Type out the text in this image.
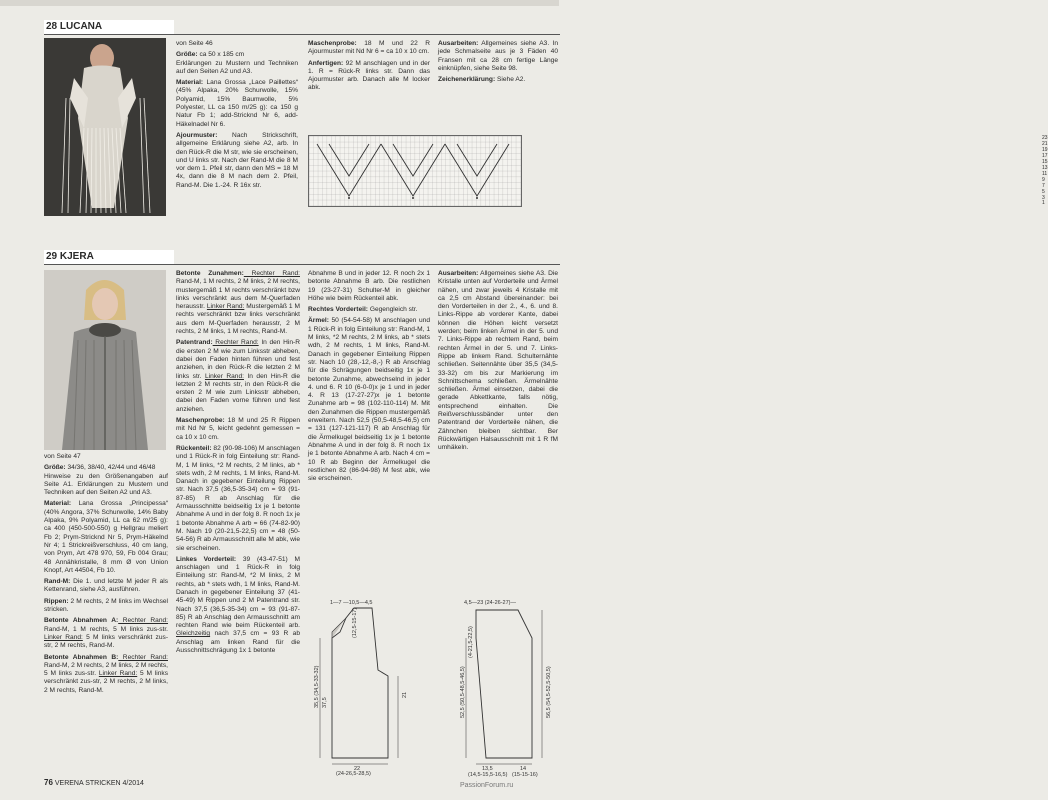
28 LUCANA

von Seite 46

Größe: ca 50 x 185 cm
Erklärungen zu Mustern und Techniken auf den Seiten A2 und A3.

Material: Lana Grossa „Lace Paillettes“ (45% Alpaka, 20% Schurwolle, 15% Polyamid, 15% Baumwolle, 5% Polyester, LL ca 150 m/25 g): ca 150 g Natur Fb 1; add-Stricknd Nr 6, add-Häkelnadel Nr 6.

Ajourmuster: Nach Strickschrift, allgemeine Erklärung siehe A2, arb. In den Rück-R die M str, wie sie erscheinen, und U links str. Nach der Rand-M die 8 M vor dem 1. Pfeil str, dann den MS = 18 M 4x, dann die 8 M nach dem 2. Pfeil, Rand-M. Die 1.-24. R 16x str.

Maschenprobe: 18 M und 22 R Ajourmuster mit Nd Nr 6 = ca 10 x 10 cm.

Anfertigen: 92 M anschlagen und in der 1. R = Rück-R links str. Dann das Ajourmuster arb. Danach alle M locker abk.

Ausarbeiten: Allgemeines siehe A3. In jede Schmalseite aus je 3 Fäden 40 Fransen mit ca 28 cm fertige Länge einknüpfen, siehe Seite 98.

Zeichenerklärung: Siehe A2.

23
21
19
17
15
13
11
9
7
5
3
1
29 KJERA

von Seite 47

Größe: 34/36, 38/40, 42/44 und 46/48
Hinweise zu den Größenangaben auf Seite A1. Erklärungen zu Mustern und Techniken auf den Seiten A2 und A3.

Material: Lana Grossa „Principessa“ (40% Angora, 37% Schurwolle, 14% Baby Alpaka, 9% Polyamid, LL ca 62 m/25 g): ca 400 (450-500-550) g Hellgrau meliert Fb 2; Prym-Stricknd Nr 5, Prym-Häkelnd Nr 4; 1 Strickreißverschluss, 40 cm lang, von Prym, Art 478 970, 59, Fb 004 Grau; 48 Annähkristalle, 8 mm Ø von Union Knopf, Art 44504, Fb 10.

Rand-M: Die 1. und letzte M jeder R als Kettenrand, siehe A3, ausführen.

Rippen: 2 M rechts, 2 M links im Wechsel stricken.

Betonte Abnahmen A: Rechter Rand: Rand-M, 1 M rechts, 5 M links zus-str. Linker Rand: 5 M links verschränkt zus-str, 2 M rechts, Rand-M.

Betonte Abnahmen B: Rechter Rand: Rand-M, 2 M rechts, 2 M links, 2 M rechts, 5 M links zus-str. Linker Rand: 5 M links verschränkt zus-str, 2 M rechts, 2 M links, 2 M rechts, Rand-M.

Betonte Zunahmen: Rechter Rand: Rand-M, 1 M rechts, 2 M links, 2 M rechts, mustergemäß 1 M rechts verschränkt bzw links verschränkt aus dem M-Querfaden herausstr. Linker Rand: Mustergemäß 1 M rechts verschränkt bzw links verschränkt aus dem M-Querfaden herausstr, 2 M rechts, 2 M links, 1 M rechts, Rand-M.

Patentrand: Rechter Rand: In den Hin-R die ersten 2 M wie zum Linksstr abheben, dabei den Faden hinten führen und fest anziehen, in den Rück-R die letzten 2 M links str. Linker Rand: In den Hin-R die letzten 2 M rechts str, in den Rück-R die ersten 2 M wie zum Linksstr abheben, dabei den Faden vorne führen und fest anziehen.

Maschenprobe: 18 M und 25 R Rippen mit Nd Nr 5, leicht gedehnt gemessen = ca 10 x 10 cm.

Rückenteil: 82 (90-98-106) M anschlagen und 1 Rück-R in folg Einteilung str: Rand-M, 1 M links, *2 M rechts, 2 M links, ab * stets wdh, 2 M rechts, 1 M links, Rand-M. Danach in gegebener Einteilung Rippen str. Nach 37,5 (36,5-35-34) cm = 93 (91-87-85) R ab Anschlag für die Armausschnitte beidseitig 1x je 1 betonte Abnahme A und in der folg 8. R noch 1x je 1 betonte Abnahme A arb = 66 (74-82-90) M. Nach 19 (20-21,5-22,5) cm = 48 (50-54-56) R ab Armausschnitt alle M abk, wie sie erscheinen.

Linkes Vorderteil: 39 (43-47-51) M anschlagen und 1 Rück-R in folg Einteilung str: Rand-M, *2 M links, 2 M rechts, ab * stets wdh, 1 M links, Rand-M. Danach in gegebener Einteilung 37 (41-45-49) M Rippen und 2 M Patentrand str. Nach 37,5 (36,5-35-34) cm = 93 (91-87-85) R ab Anschlag den Armausschnitt am rechten Rand wie beim Rückenteil arb. Gleichzeitig nach 37,5 cm = 93 R ab Anschlag am linken Rand für die Ausschnittschrägung 1x 1 betonte

Abnahme B und in jeder 12. R noch 2x 1 betonte Abnahme B arb. Die restlichen 19 (23-27-31) Schulter-M in gleicher Höhe wie beim Rückenteil abk.

Rechtes Vorderteil: Gegengleich str.

Ärmel: 50 (54-54-58) M anschlagen und 1 Rück-R in folg Einteilung str: Rand-M, 1 M links, *2 M rechts, 2 M links, ab * stets wdh, 2 M rechts, 1 M links, Rand-M. Danach in gegebener Einteilung Rippen str. Nach 10 (28,-12,-8,-) R ab Anschlag für die Schrägungen beidseitig 1x je 1 betonte Zunahme, abwechselnd in jeder 4. und 6. R 10 (6-0-0)x je 1 und in jeder 4. R 13 (17-27-27)x je 1 betonte Zunahme arb = 98 (102-110-114) M. Mit den Zunahmen die Rippen mustergemäß erweitern. Nach 52,5 (50,5-48,5-46,5) cm = 131 (127-121-117) R ab Anschlag für die Ärmelkugel beidseitig 1x je 1 betonte Abnahme A und in der folg 8. R noch 1x je 1 betonte Abnahme A arb. Nach 4 cm = 10 R ab Beginn der Ärmelkugel die restlichen 82 (86-94-98) M fest abk, wie sie erscheinen.

Ausarbeiten: Allgemeines siehe A3. Die Kristalle unten auf Vorderteile und Ärmel nähen, und zwar jeweils 4 Kristalle mit ca 2,5 cm Abstand übereinander: bei den Vorderteilen in der 2., 4., 6. und 8. Links-Rippe ab vorderer Kante, dabei können die Höhen leicht versetzt werden; beim linken Ärmel in der 5. und 7. Links-Rippe ab rechtem Rand, beim rechten Ärmel in der 5. und 7. Links-Rippe ab linkem Rand. Schulternähte schließen. Seitennähte über 35,5 (34,5-33-32) cm bis zur Markierung im Schnittschema schließen. Ärmelnähte schließen. Ärmel einsetzen, dabei die gerade Abkettkante, falls nötig, entsprechend einhalten. Die Reißverschlussbänder unter den Patentrand der Vorderteile nähen, die Zähnchen bleiben sichtbar. Ber Rückwärtigen Halsausschnitt mit 1 R fM umhäkeln.

1—7 —10,5—4,5
(12,5-15-17)
35,5 (34,5-33-32) 37,5
21
22
(24-26,5-28,5)
4,5—23 (24-26-27)—
52,5 (50,5-48,5-46,5)
(4-21,5-22,5)
56,5 (54,5-52,5-50,5)
13,5
(14,5-15,5-16,5)
14
(15-15-16)
76 VERENA STRICKEN 4/2014	PassionForum.ru
